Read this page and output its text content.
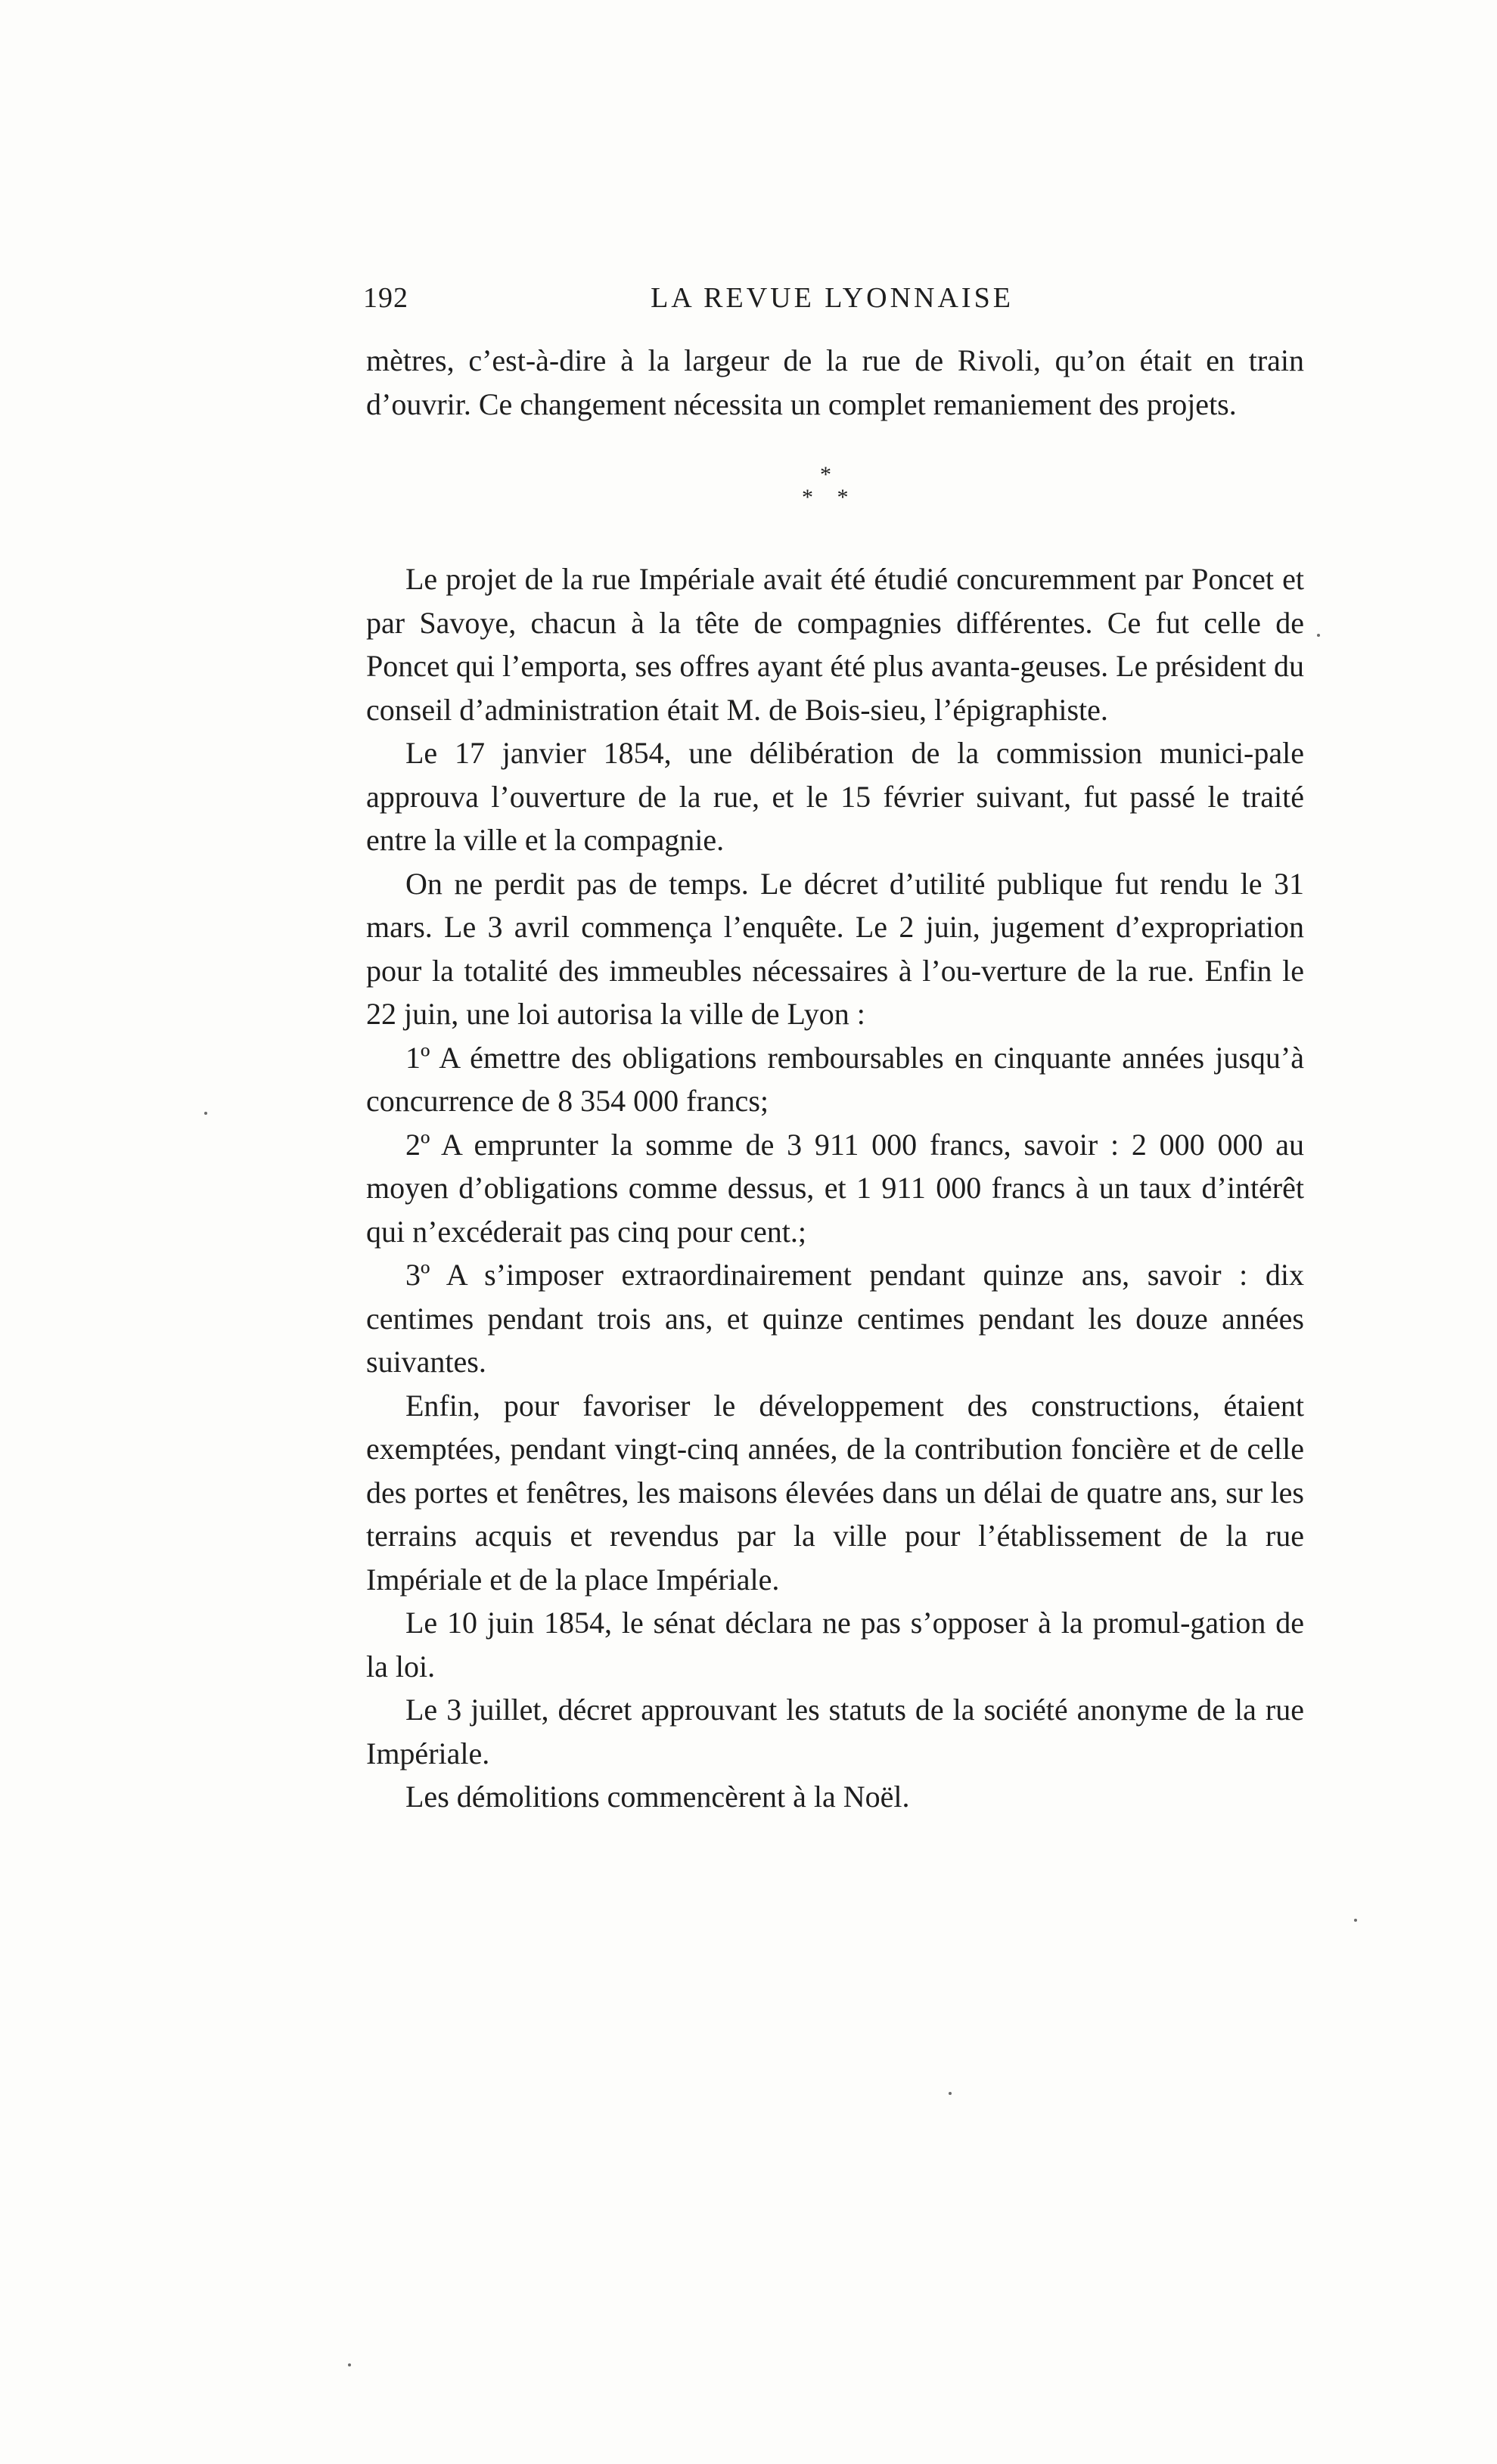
192	LA REVUE LYONNAISE

mètres, c’est-à-dire à la largeur de la rue de Rivoli, qu’on était en train d’ouvrir. Ce changement nécessita un complet remaniement des projets.

*
* *

Le projet de la rue Impériale avait été étudié concuremment par Poncet et par Savoye, chacun à la tête de compagnies différentes. Ce fut celle de Poncet qui l’emporta, ses offres ayant été plus avanta-geuses. Le président du conseil d’administration était M. de Bois-sieu, l’épigraphiste.

Le 17 janvier 1854, une délibération de la commission munici-pale approuva l’ouverture de la rue, et le 15 février suivant, fut passé le traité entre la ville et la compagnie.

On ne perdit pas de temps. Le décret d’utilité publique fut rendu le 31 mars. Le 3 avril commença l’enquête. Le 2 juin, jugement d’expropriation pour la totalité des immeubles nécessaires à l’ou-verture de la rue. Enfin le 22 juin, une loi autorisa la ville de Lyon :

1º A émettre des obligations remboursables en cinquante années jusqu’à concurrence de 8 354 000 francs;

2º A emprunter la somme de 3 911 000 francs, savoir : 2 000 000 au moyen d’obligations comme dessus, et 1 911 000 francs à un taux d’intérêt qui n’excéderait pas cinq pour cent.;

3º A s’imposer extraordinairement pendant quinze ans, savoir : dix centimes pendant trois ans, et quinze centimes pendant les douze années suivantes.

Enfin, pour favoriser le développement des constructions, étaient exemptées, pendant vingt-cinq années, de la contribution foncière et de celle des portes et fenêtres, les maisons élevées dans un délai de quatre ans, sur les terrains acquis et revendus par la ville pour l’établissement de la rue Impériale et de la place Impériale.

Le 10 juin 1854, le sénat déclara ne pas s’opposer à la promul-gation de la loi.

Le 3 juillet, décret approuvant les statuts de la société anonyme de la rue Impériale.

Les démolitions commencèrent à la Noël.
